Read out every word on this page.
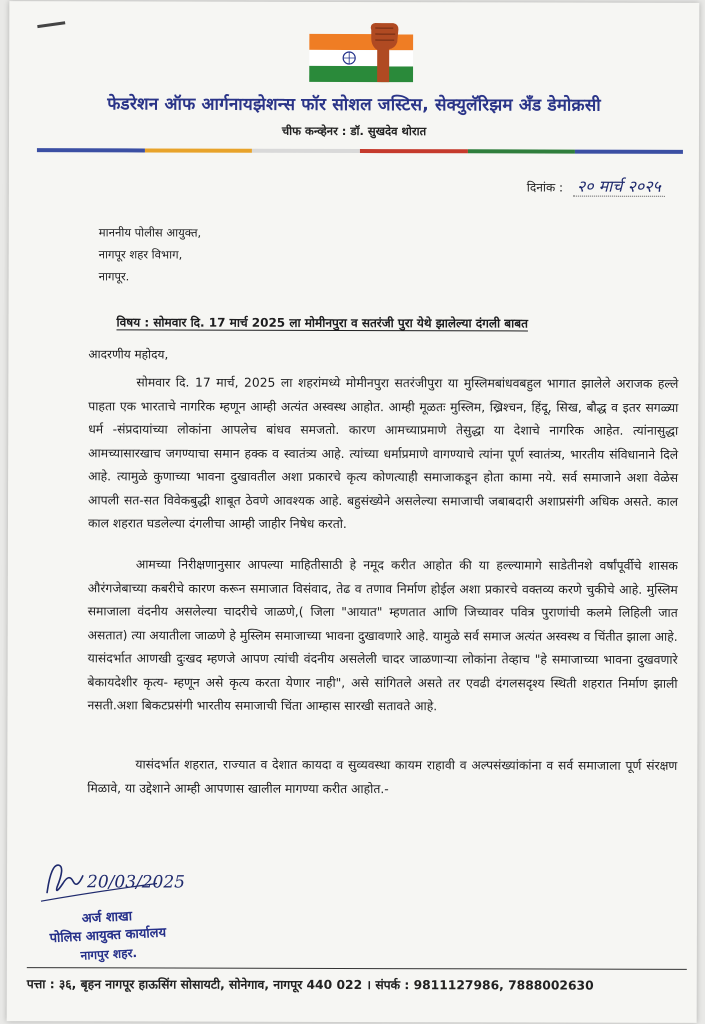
फेडरेशन ऑफ आर्गनायझेशन्स फॉर सोशल जस्टिस, सेक्युलॅरिझम अँड डेमोक्रसी
चीफ कन्व्हेनर : डॉ. सुखदेव थोरात
दिनांक : २० मार्च २०२५
माननीय पोलीस आयुक्त,
नागपूर शहर विभाग,
नागपूर.
विषय : सोमवार दि. 17 मार्च 2025 ला मोमीनपुरा व सतरंजी पुरा येथे झालेल्या दंगली बाबत
आदरणीय महोदय,
सोमवार दि. 17 मार्च, 2025 ला शहरांमध्ये मोमीनपुरा सतरंजीपुरा या मुस्लिमबांधवबहुल भागात झालेले अराजक हल्ले पाहता एक भारताचे नागरिक म्हणून आम्ही अत्यंत अस्वस्थ आहोत. आम्ही मूळतः मुस्लिम, ख्रिश्चन, हिंदू, सिख, बौद्ध व इतर सगळ्या धर्म -संप्रदायांच्या लोकांना आपलेच बांधव समजतो. कारण आमच्याप्रमाणे तेसुद्धा या देशाचे नागरिक आहेत. त्यांनासुद्धा आमच्यासारखाच जगण्याचा समान हक्क व स्वातंत्र्य आहे. त्यांच्या धर्माप्रमाणे वागण्याचे त्यांना पूर्ण स्वातंत्र्य, भारतीय संविधानाने दिले आहे. त्यामुळे कुणाच्या भावना दुखावतील अशा प्रकारचे कृत्य कोणत्याही समाजाकडून होता कामा नये. सर्व समाजाने अशा वेळेस आपली सत-सत विवेकबुद्धी शाबूत ठेवणे आवश्यक आहे. बहुसंख्येने असलेल्या समाजाची जबाबदारी अशाप्रसंगी अधिक असते. काल काल शहरात घडलेल्या दंगलीचा आम्ही जाहीर निषेध करतो.
आमच्या निरीक्षणानुसार आपल्या माहितीसाठी हे नमूद करीत आहोत की या हल्ल्यामागे साडेतीनशे वर्षांपूर्वीचे शासक औरंगजेबाच्या कबरीचे कारण करून समाजात विसंवाद, तेढ व तणाव निर्माण होईल अशा प्रकारचे वक्तव्य करणे चुकीचे आहे. मुस्लिम समाजाला वंदनीय असलेल्या चादरीचे जाळणे,( जिला "आयात" म्हणतात आणि जिच्यावर पवित्र पुराणांची कलमे लिहिली जात असतात) त्या अयातीला जाळणे हे मुस्लिम समाजाच्या भावना दुखावणारे आहे. यामुळे सर्व समाज अत्यंत अस्वस्थ व चिंतीत झाला आहे. यासंदर्भात आणखी दुःखद म्हणजे आपण त्यांची वंदनीय असलेली चादर जाळणाऱ्या लोकांना तेव्हाच "हे समाजाच्या भावना दुखवणारे बेकायदेशीर कृत्य- म्हणून असे कृत्य करता येणार नाही", असे सांगितले असते तर एवढी दंगलसदृश्य स्थिती शहरात निर्माण झाली नसती.अशा बिकटप्रसंगी भारतीय समाजाची चिंता आम्हास सारखी सतावते आहे.
यासंदर्भात शहरात, राज्यात व देशात कायदा व सुव्यवस्था कायम राहावी व अल्पसंख्यांकांना व सर्व समाजाला पूर्ण संरक्षण मिळावे, या उद्देशाने आम्ही आपणास खालील मागण्या करीत आहोत.-
20/03/2025
अर्ज शाखा
पोलिस आयुक्त कार्यालय
नागपुर शहर.
पत्ता : ३६, बृहन नागपूर हाऊसिंग सोसायटी, सोनेगाव, नागपूर 440 022 । संपर्क : 9811127986, 7888002630
